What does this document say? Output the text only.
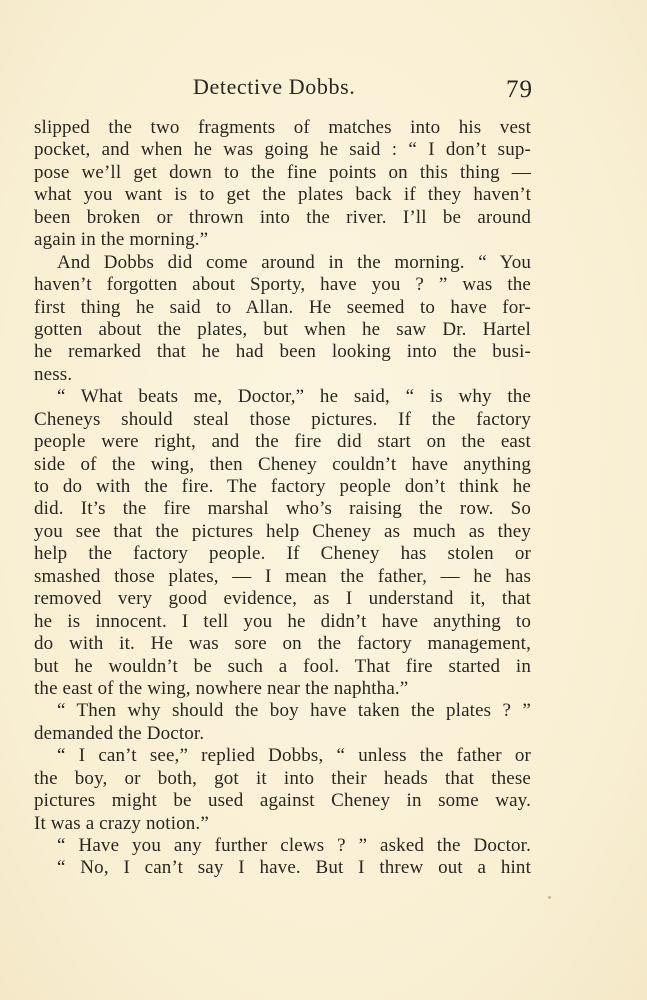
Detective Dobbs.	79
slipped the two fragments of matches into his vest
pocket, and when he was going he said : “ I don’t sup-
pose we’ll get down to the fine points on this thing —
what you want is to get the plates back if they haven’t
been broken or thrown into the river. I’ll be around
again in the morning.”
And Dobbs did come around in the morning. “ You
haven’t forgotten about Sporty, have you ? ” was the
first thing he said to Allan. He seemed to have for-
gotten about the plates, but when he saw Dr. Hartel
he remarked that he had been looking into the busi-
ness.
“ What beats me, Doctor,” he said, “ is why the
Cheneys should steal those pictures. If the factory
people were right, and the fire did start on the east
side of the wing, then Cheney couldn’t have anything
to do with the fire. The factory people don’t think he
did. It’s the fire marshal who’s raising the row. So
you see that the pictures help Cheney as much as they
help the factory people. If Cheney has stolen or
smashed those plates, — I mean the father, — he has
removed very good evidence, as I understand it, that
he is innocent. I tell you he didn’t have anything to
do with it. He was sore on the factory management,
but he wouldn’t be such a fool. That fire started in
the east of the wing, nowhere near the naphtha.”
“ Then why should the boy have taken the plates ? ”
demanded the Doctor.
“ I can’t see,” replied Dobbs, “ unless the father or
the boy, or both, got it into their heads that these
pictures might be used against Cheney in some way.
It was a crazy notion.”
“ Have you any further clews ? ” asked the Doctor.
“ No, I can’t say I have. But I threw out a hint
